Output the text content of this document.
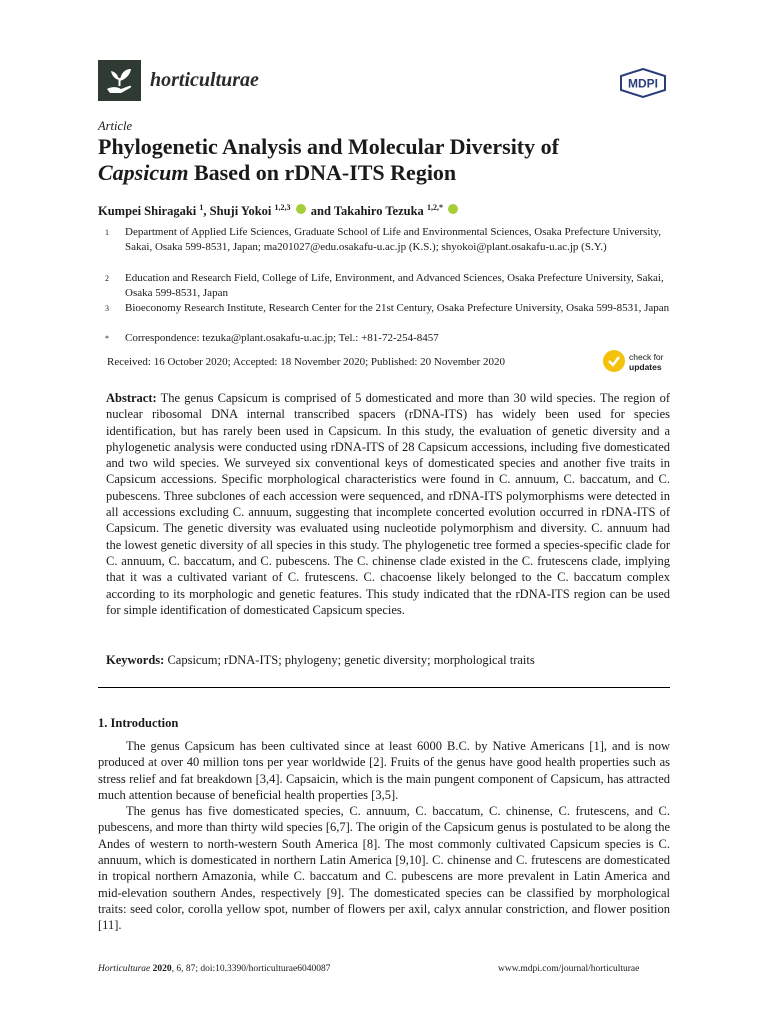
horticulturae	MDPI
Article
Phylogenetic Analysis and Molecular Diversity of
Capsicum Based on rDNA-ITS Region
Kumpei Shiragaki $^1$, Shuji Yokoi $^{1,2,3}$  and Takahiro Tezuka $^{1,2,*}$
1 Department of Applied Life Sciences, Graduate School of Life and Environmental Sciences, Osaka Prefecture University, Sakai, Osaka 599-8531, Japan; ma201027@edu.osakafu-u.ac.jp (K.S.); shyokoi@plant.osakafu-u.ac.jp (S.Y.)
2 Education and Research Field, College of Life, Environment, and Advanced Sciences, Osaka Prefecture University, Sakai, Osaka 599-8531, Japan
3 Bioeconomy Research Institute, Research Center for the 21st Century, Osaka Prefecture University, Osaka 599-8531, Japan
* Correspondence: tezuka@plant.osakafu-u.ac.jp; Tel.: +81-72-254-8457
Received: 16 October 2020; Accepted: 18 November 2020; Published: 20 November 2020	check for
updates
Abstract: The genus Capsicum is comprised of 5 domesticated and more than 30 wild species. The region of nuclear ribosomal DNA internal transcribed spacers (rDNA-ITS) has widely been used for species identification, but has rarely been used in Capsicum. In this study, the evaluation of genetic diversity and a phylogenetic analysis were conducted using rDNA-ITS of 28 Capsicum accessions, including five domesticated and two wild species. We surveyed six conventional keys of domesticated species and another five traits in Capsicum accessions. Specific morphological characteristics were found in C. annuum, C. baccatum, and C. pubescens. Three subclones of each accession were sequenced, and rDNA-ITS polymorphisms were detected in all accessions excluding C. annuum, suggesting that incomplete concerted evolution occurred in rDNA-ITS of Capsicum. The genetic diversity was evaluated using nucleotide polymorphism and diversity. C. annuum had the lowest genetic diversity of all species in this study. The phylogenetic tree formed a species-specific clade for C. annuum, C. baccatum, and C. pubescens. The C. chinense clade existed in the C. frutescens clade, implying that it was a cultivated variant of C. frutescens. C. chacoense likely belonged to the C. baccatum complex according to its morphologic and genetic features. This study indicated that the rDNA-ITS region can be used for simple identification of domesticated Capsicum species.
Keywords: Capsicum; rDNA-ITS; phylogeny; genetic diversity; morphological traits
1. Introduction

The genus Capsicum has been cultivated since at least 6000 B.C. by Native Americans [1], and is now produced at over 40 million tons per year worldwide [2]. Fruits of the genus have good health properties such as stress relief and fat breakdown [3,4]. Capsaicin, which is the main pungent component of Capsicum, has attracted much attention because of beneficial health properties [3,5].

The genus has five domesticated species, C. annuum, C. baccatum, C. chinense, C. frutescens, and C. pubescens, and more than thirty wild species [6,7]. The origin of the Capsicum genus is postulated to be along the Andes of western to north-western South America [8]. The most commonly cultivated Capsicum species is C. annuum, which is domesticated in northern Latin America [9,10]. C. chinense and C. frutescens are domesticated in tropical northern Amazonia, while C. baccatum and C. pubescens are more prevalent in Latin America and mid-elevation southern Andes, respectively [9]. The domesticated species can be classified by morphological traits: seed color, corolla yellow spot, number of flowers per axil, calyx annular constriction, and flower position [11].

Horticulturae 2020, 6, 87; doi:10.3390/horticulturae6040087	www.mdpi.com/journal/horticulturae
